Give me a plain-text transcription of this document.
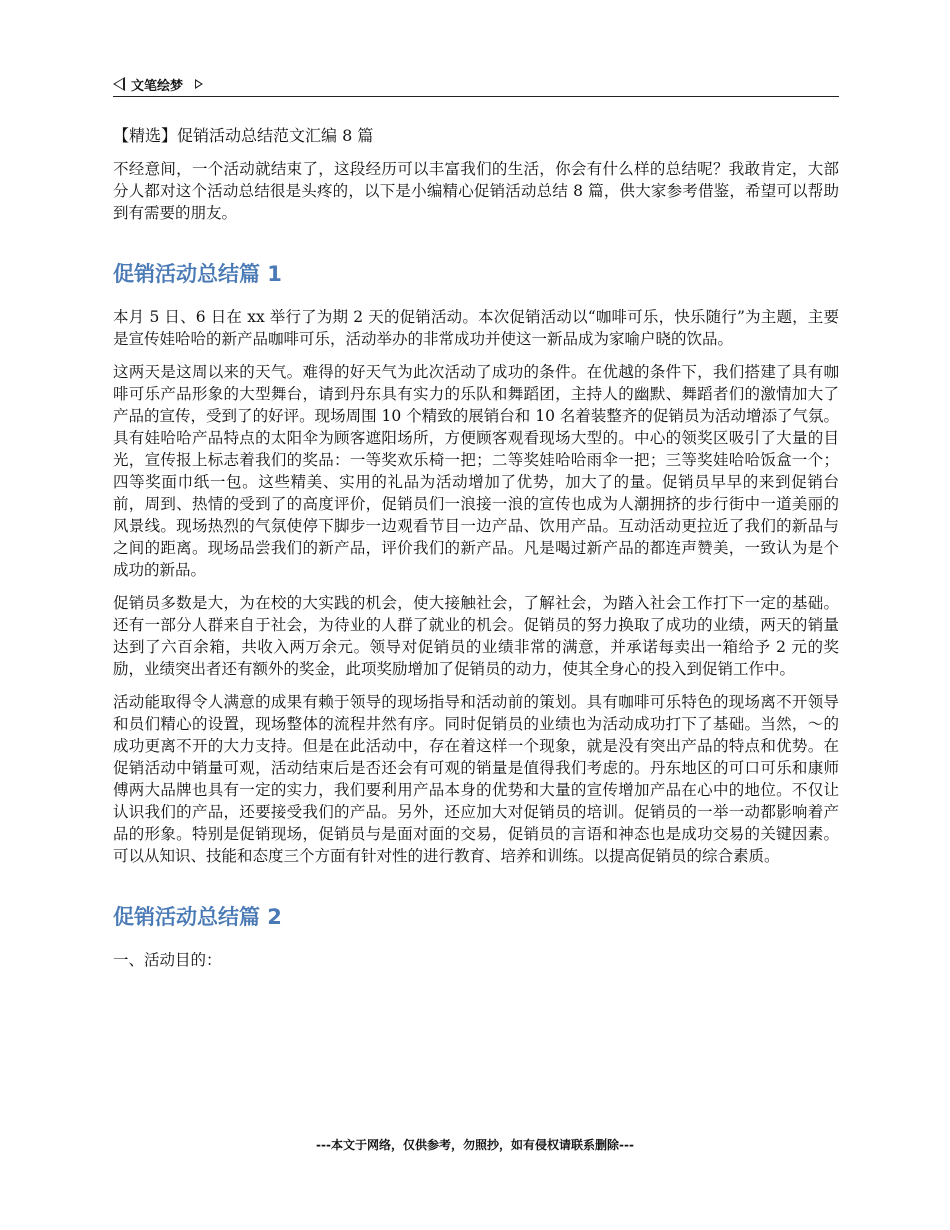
文笔绘梦
【精选】促销活动总结范文汇编 8 篇

不经意间，一个活动就结束了，这段经历可以丰富我们的生活，你会有什么样的总结呢？我敢肯定，大部分人都对这个活动总结很是头疼的，以下是小编精心促销活动总结 8 篇，供大家参考借鉴，希望可以帮助到有需要的朋友。

促销活动总结篇 1

本月 5 日、6 日在 xx 举行了为期 2 天的促销活动。本次促销活动以“咖啡可乐，快乐随行”为主题，主要是宣传娃哈哈的新产品咖啡可乐，活动举办的非常成功并使这一新品成为家喻户晓的饮品。

这两天是这周以来的天气。难得的好天气为此次活动了成功的条件。在优越的条件下，我们搭建了具有咖啡可乐产品形象的大型舞台，请到丹东具有实力的乐队和舞蹈团，主持人的幽默、舞蹈者们的激情加大了产品的宣传，受到了的好评。现场周围 10 个精致的展销台和 10 名着装整齐的促销员为活动增添了气氛。具有娃哈哈产品特点的太阳伞为顾客遮阳场所，方便顾客观看现场大型的。中心的领奖区吸引了大量的目光，宣传报上标志着我们的奖品：一等奖欢乐椅一把；二等奖娃哈哈雨伞一把；三等奖娃哈哈饭盒一个；四等奖面巾纸一包。这些精美、实用的礼品为活动增加了优势，加大了的量。促销员早早的来到促销台前，周到、热情的受到了的高度评价，促销员们一浪接一浪的宣传也成为人潮拥挤的步行街中一道美丽的风景线。现场热烈的气氛使停下脚步一边观看节目一边产品、饮用产品。互动活动更拉近了我们的新品与之间的距离。现场品尝我们的新产品，评价我们的新产品。凡是喝过新产品的都连声赞美，一致认为是个成功的新品。

促销员多数是大，为在校的大实践的机会，使大接触社会，了解社会，为踏入社会工作打下一定的基础。还有一部分人群来自于社会，为待业的人群了就业的机会。促销员的努力换取了成功的业绩，两天的销量达到了六百余箱，共收入两万余元。领导对促销员的业绩非常的满意，并承诺每卖出一箱给予 2 元的奖励，业绩突出者还有额外的奖金，此项奖励增加了促销员的动力，使其全身心的投入到促销工作中。

活动能取得令人满意的成果有赖于领导的现场指导和活动前的策划。具有咖啡可乐特色的现场离不开领导和员们精心的设置，现场整体的流程井然有序。同时促销员的业绩也为活动成功打下了基础。当然，～的成功更离不开的大力支持。但是在此活动中，存在着这样一个现象，就是没有突出产品的特点和优势。在促销活动中销量可观，活动结束后是否还会有可观的销量是值得我们考虑的。丹东地区的可口可乐和康师傅两大品牌也具有一定的实力，我们要利用产品本身的优势和大量的宣传增加产品在心中的地位。不仅让认识我们的产品，还要接受我们的产品。另外，还应加大对促销员的培训。促销员的一举一动都影响着产品的形象。特别是促销现场，促销员与是面对面的交易，促销员的言语和神态也是成功交易的关键因素。可以从知识、技能和态度三个方面有针对性的进行教育、培养和训练。以提高促销员的综合素质。

促销活动总结篇 2

一、活动目的：

---本文于网络，仅供参考，勿照抄，如有侵权请联系删除---
